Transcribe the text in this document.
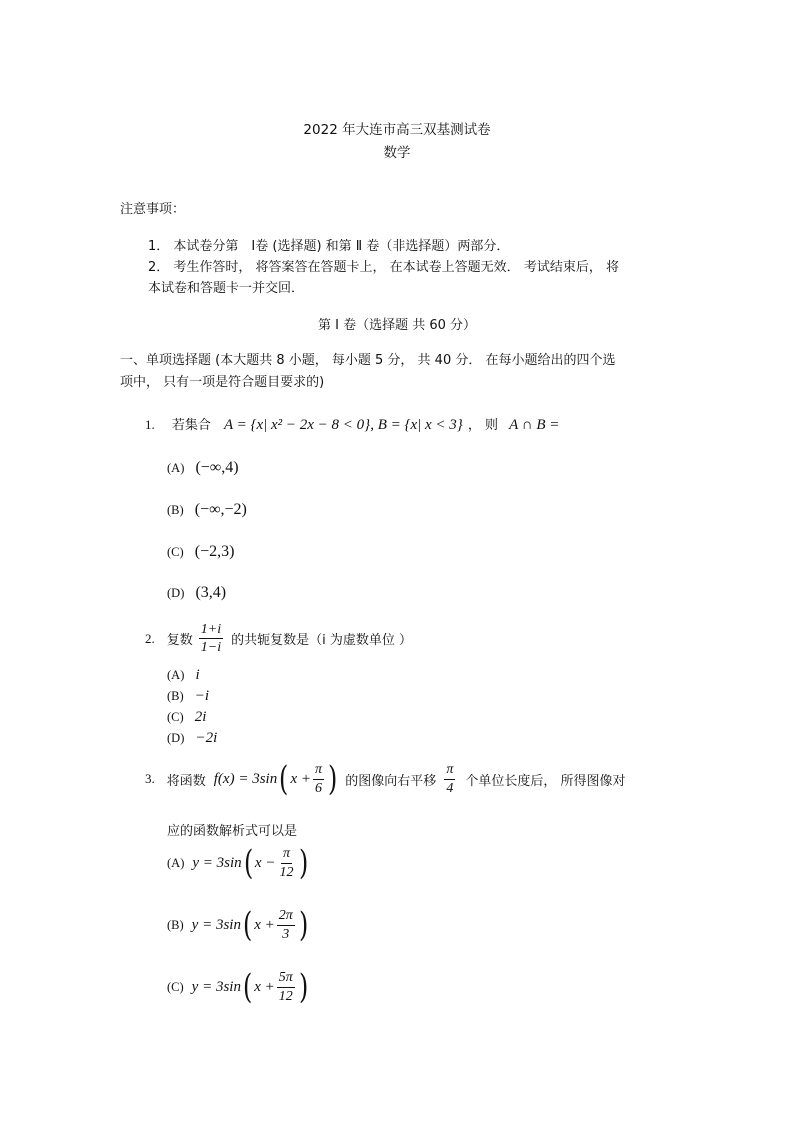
2022 年大连市高三双基测试卷
数学
注意事项：
1． 本试卷分第　Ⅰ卷 (选择题) 和第 Ⅱ 卷（非选择题）两部分．
2． 考生作答时， 将答案答在答题卡上， 在本试卷上答题无效． 考试结束后， 将
本试卷和答题卡一并交回．
第 Ⅰ 卷（选择题 共 60 分）
一、单项选择题 (本大题共 8 小题， 每小题 5 分， 共 40 分． 在每小题给出的四个选
项中， 只有一项是符合题目要求的)
1. 若集合 A = {x| x² − 2x − 8 < 0}, B = {x| x < 3} ， 则 A ∩ B =
(A) (−∞,4)
(B) (−∞,−2)
(C) (−2,3)
(D) (3,4)
2. 复数 $\frac{1+i}{1-i}$ 的共轭复数是（i 为虚数单位 ）
(A) i
(B) −i
(C) 2i
(D) −2i
3. 将函数 f(x) = 3sin ( $x + \frac{\pi}{6}$ ) 的图像向右平移 $\frac{\pi}{4}$ 个单位长度后， 所得图像对
应的函数解析式可以是
(A) y = 3sin ( $x - \frac{\pi}{12}$ )
(B) y = 3sin ( $x + \frac{2\pi}{3}$ )
(C) y = 3sin ( $x + \frac{5\pi}{12}$ )
